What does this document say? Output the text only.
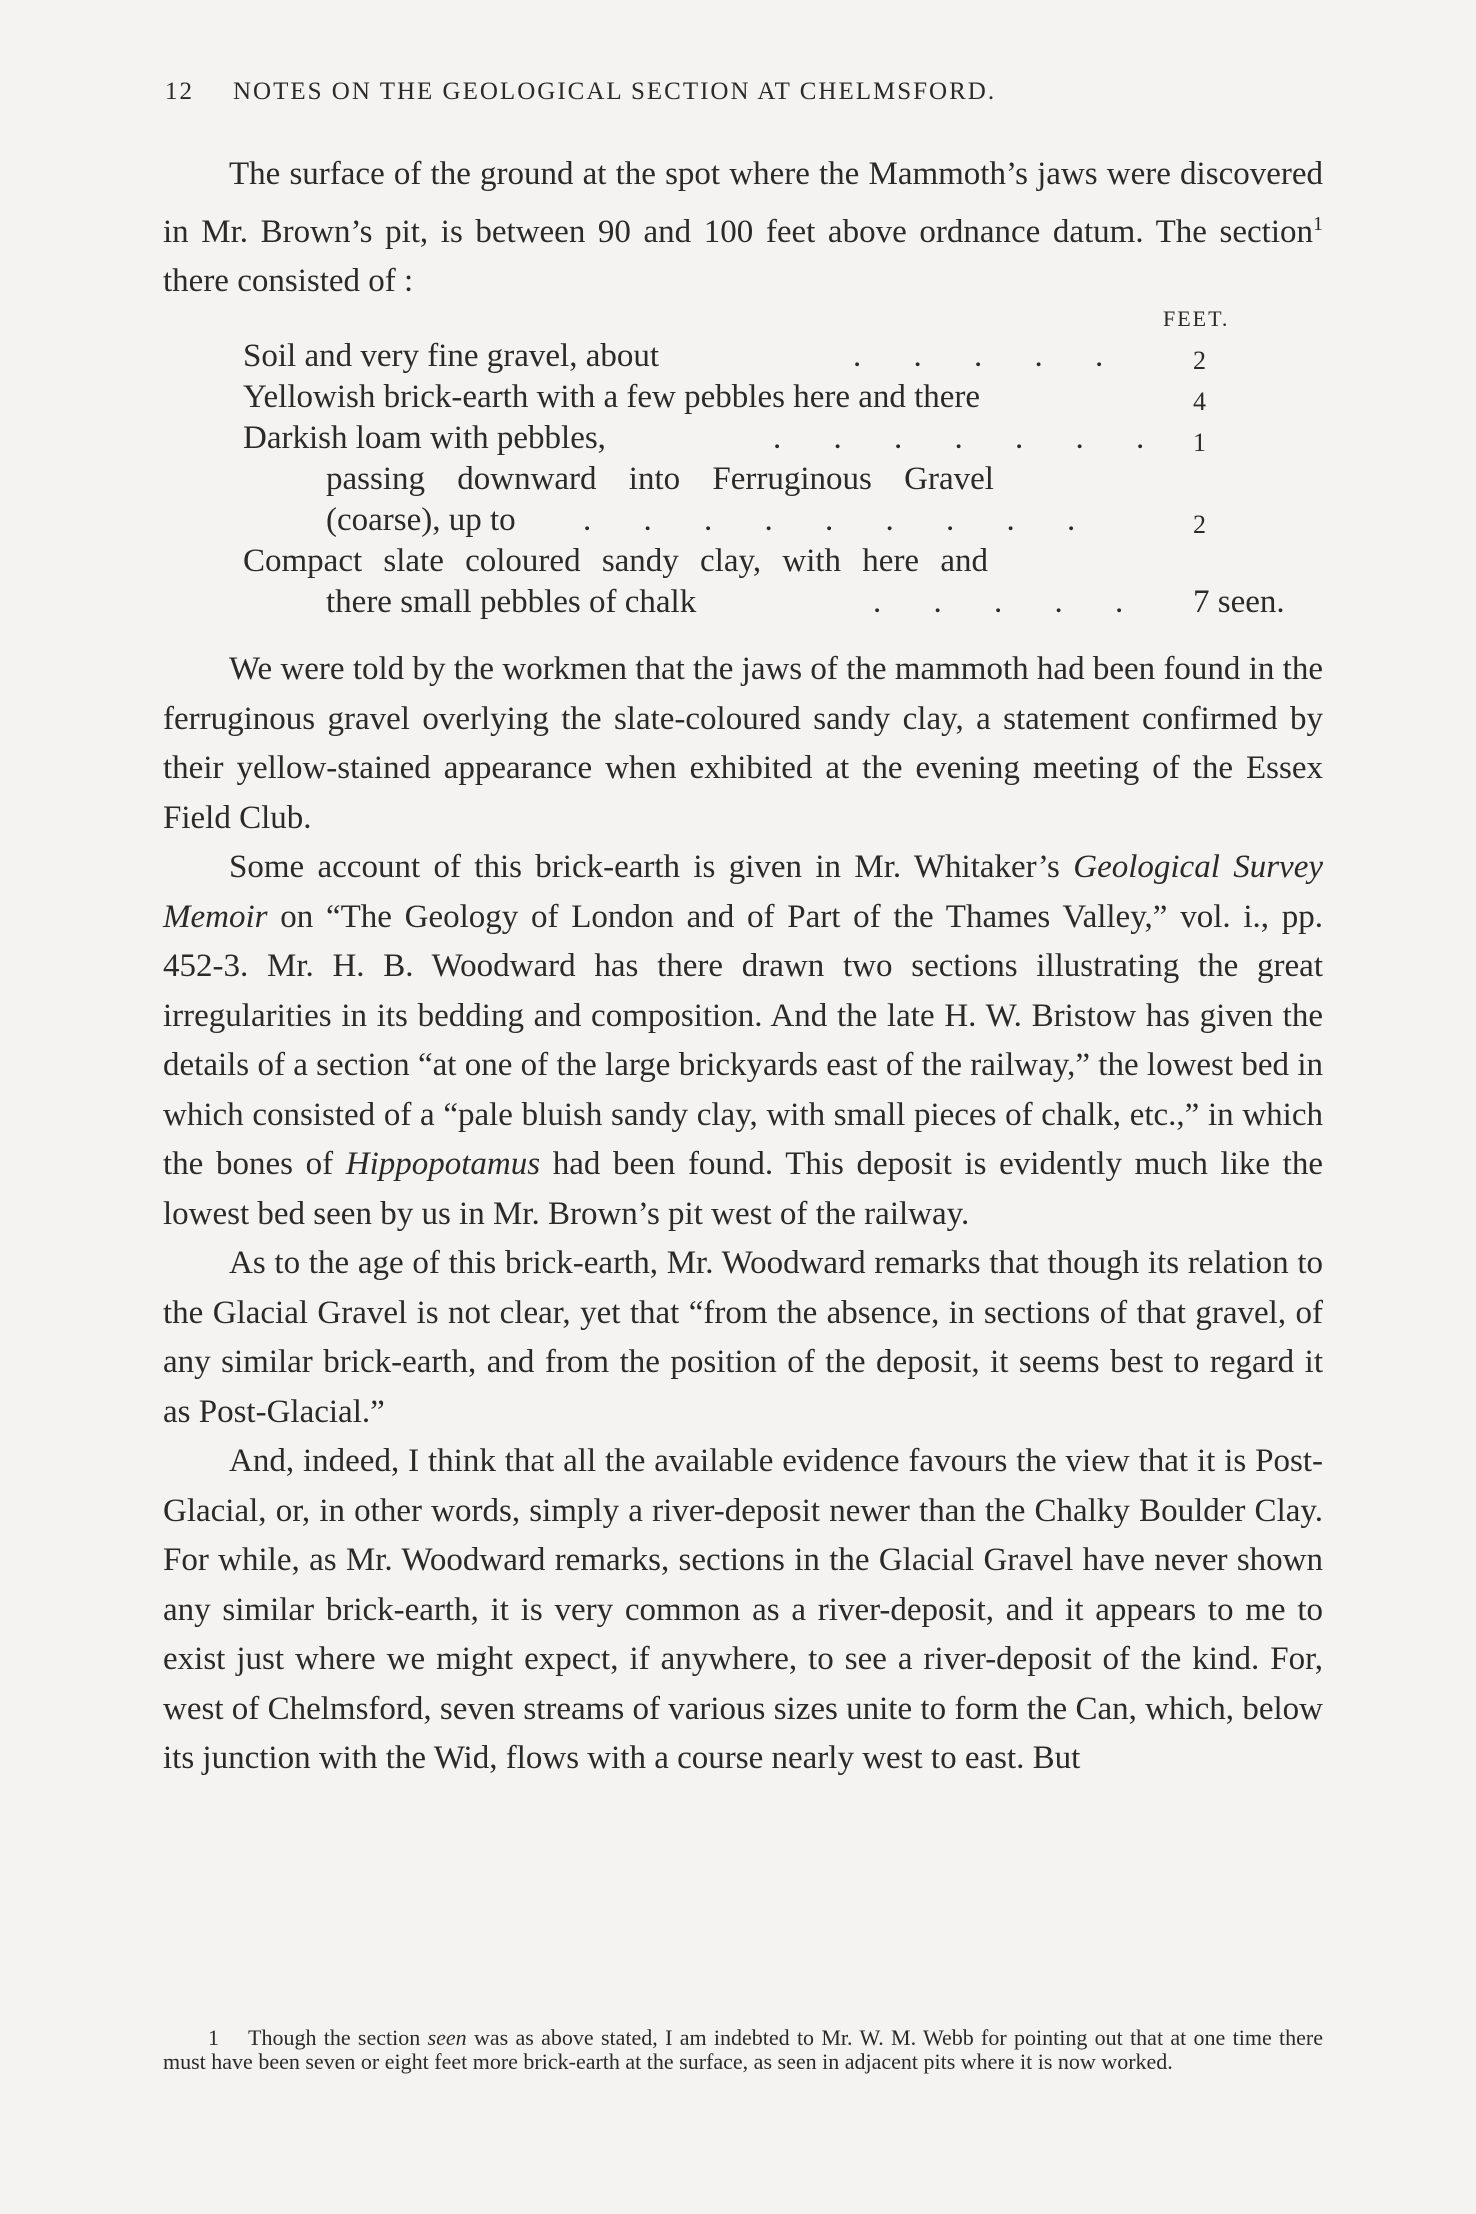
12 NOTES ON THE GEOLOGICAL SECTION AT CHELMSFORD.

The surface of the ground at the spot where the Mammoth’s jaws were discovered in Mr. Brown’s pit, is between 90 and 100 feet above ordnance datum. The section$^1$ there consisted of :

FEET.
Soil and very fine gravel, about	. . . . .	2
Yellowish brick-earth with a few pebbles here and there	4
Darkish loam with pebbles,	. . . . . . . 1
passing downward into Ferruginous Gravel
(coarse), up to . . . . . . . . .	2
Compact slate coloured sandy clay, with here and
there small pebbles of chalk	. . . . . 7 seen.

We were told by the workmen that the jaws of the mammoth had been found in the ferruginous gravel overlying the slate-coloured sandy clay, a statement confirmed by their yellow-stained appearance when exhibited at the evening meeting of the Essex Field Club.

Some account of this brick-earth is given in Mr. Whitaker’s Geological Survey Memoir on “The Geology of London and of Part of the Thames Valley,” vol. i., pp. 452-3. Mr. H. B. Woodward has there drawn two sections illustrating the great irregularities in its bedding and composition. And the late H. W. Bristow has given the details of a section “at one of the large brickyards east of the railway,” the lowest bed in which consisted of a “pale bluish sandy clay, with small pieces of chalk, etc.,” in which the bones of Hippopotamus had been found. This deposit is evidently much like the lowest bed seen by us in Mr. Brown’s pit west of the railway.

As to the age of this brick-earth, Mr. Woodward remarks that though its relation to the Glacial Gravel is not clear, yet that “from the absence, in sections of that gravel, of any similar brick-earth, and from the position of the deposit, it seems best to regard it as Post-Glacial.”

And, indeed, I think that all the available evidence favours the view that it is Post-Glacial, or, in other words, simply a river-deposit newer than the Chalky Boulder Clay. For while, as Mr. Woodward remarks, sections in the Glacial Gravel have never shown any similar brick-earth, it is very common as a river-deposit, and it appears to me to exist just where we might expect, if anywhere, to see a river-deposit of the kind. For, west of Chelmsford, seven streams of various sizes unite to form the Can, which, below its junction with the Wid, flows with a course nearly west to east. But

1 Though the section seen was as above stated, I am indebted to Mr. W. M. Webb for pointing out that at one time there must have been seven or eight feet more brick-earth at the surface, as seen in adjacent pits where it is now worked.
